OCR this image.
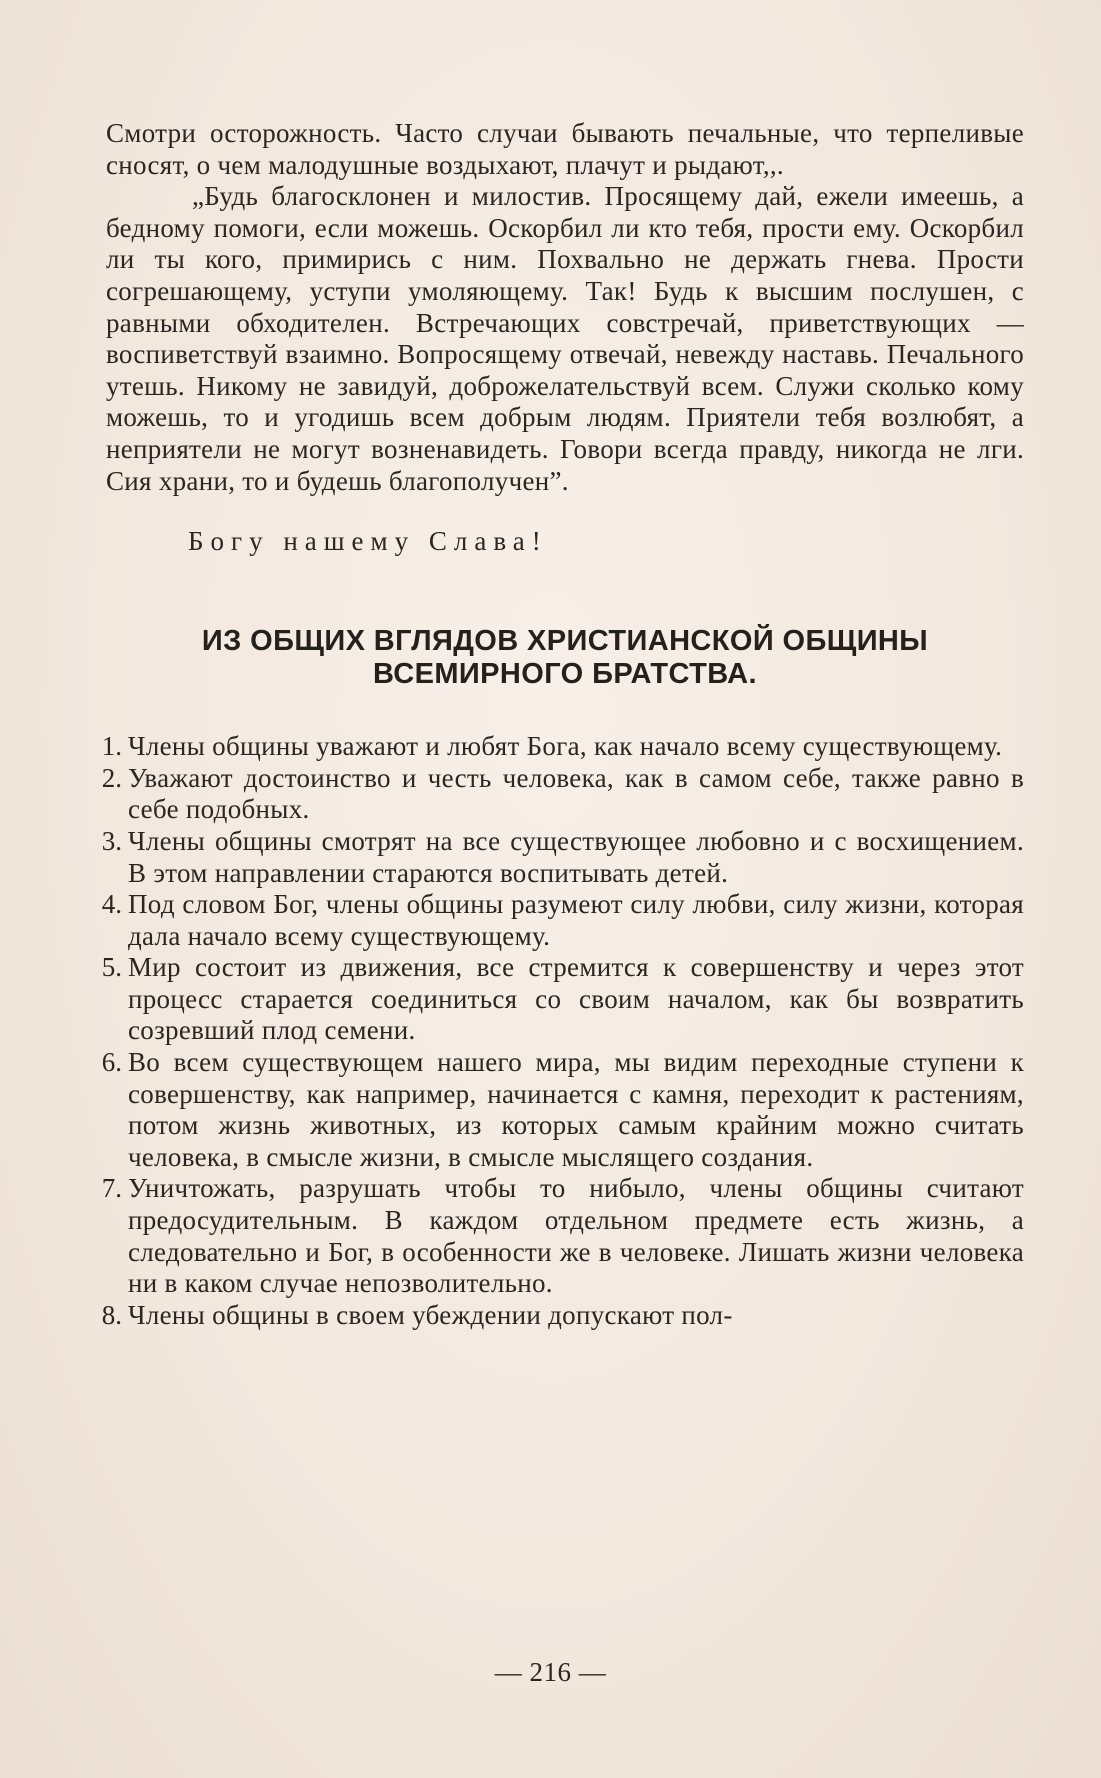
Смотри осторожность. Часто случаи бывають печальные, что терпеливые сносят, о чем малодушные воздыхают, плачут и рыдают,,.

„Будь благосклонен и милостив. Просящему дай, ежели имеешь, а бедному помоги, если можешь. Оскорбил ли кто тебя, прости ему. Оскорбил ли ты кого, примирись с ним. Похвально не держать гнева. Прости согрешающему, уступи умоляющему. Так! Будь к высшим послушен, с равными обходителен. Встречающих совстречай, приветствующих — воспиветствуй взаимно. Вопросящему отвечай, невежду наставь. Печального утешь. Никому не завидуй, доброжелательствуй всем. Служи сколько кому можешь, то и угодишь всем добрым людям. Приятели тебя возлюбят, а неприятели не могут возненавидеть. Говори всегда правду, никогда не лги. Сия храни, то и будешь благополучен”.

Богу нашему Слава!
ИЗ ОБЩИХ ВГЛЯДОВ ХРИСТИАНСКОЙ ОБЩИНЫ
ВСЕМИРНОГО БРАТСТВА.
1. Члены общины уважают и любят Бога, как начало всему существующему.
2. Уважают достоинство и честь человека, как в самом себе, также равно в себе подобных.
3. Члены общины смотрят на все существующее любовно и с восхищением. В этом направлении стараются воспитывать детей.
4. Под словом Бог, члены общины разумеют силу любви, силу жизни, которая дала начало всему существующему.
5. Мир состоит из движения, все стремится к совершенству и через этот процесс старается соединиться со своим началом, как бы возвратить созревший плод семени.
6. Во всем существующем нашего мира, мы видим переходные ступени к совершенству, как например, начинается с камня, переходит к растениям, потом жизнь животных, из которых самым крайним можно считать человека, в смысле жизни, в смысле мыслящего создания.
7. Уничтожать, разрушать чтобы то нибыло, члены общины считают предосудительным. В каждом отдельном предмете есть жизнь, а следовательно и Бог, в особенности же в человеке. Лишать жизни человека ни в каком случае непозволительно.
8. Члены общины в своем убеждении допускают пол-
— 216 —
